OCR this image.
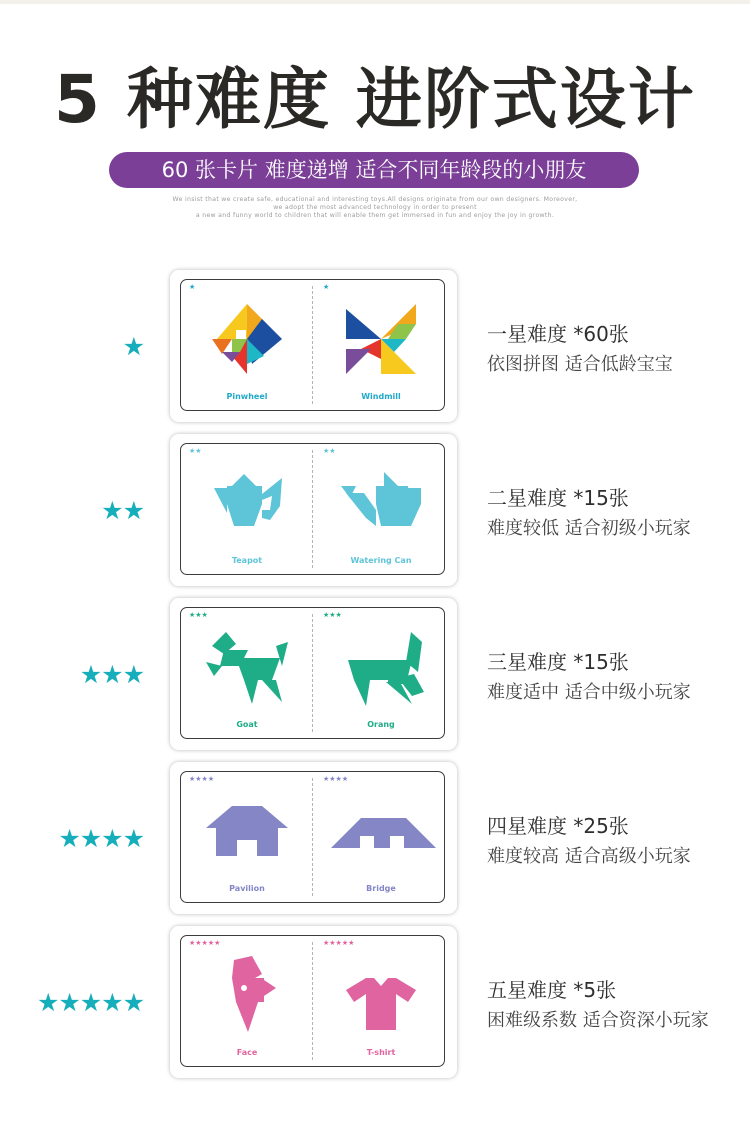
5 种难度 进阶式设计
60 张卡片 难度递增 适合不同年龄段的小朋友
We insist that we create safe, educational and interesting toys.All designs originate from our own designers. Moreover,
we adopt the most advanced technology in order to present
a new and funny world to children that will enable them get immersed in fun and enjoy the joy in growth.
★
★	★
Pinwheel	Windmill
一星难度 *60张
依图拼图 适合低龄宝宝
★★
★★	★★
Teapot	Watering Can
二星难度 *15张
难度较低 适合初级小玩家
★★★
★★★	★★★
Goat	Orang
三星难度 *15张
难度适中 适合中级小玩家
★★★★
★★★★	★★★★
Pavilion	Bridge
四星难度 *25张
难度较高 适合高级小玩家
★★★★★
★★★★★	★★★★★
Face	T-shirt
五星难度 *5张
困难级系数 适合资深小玩家
